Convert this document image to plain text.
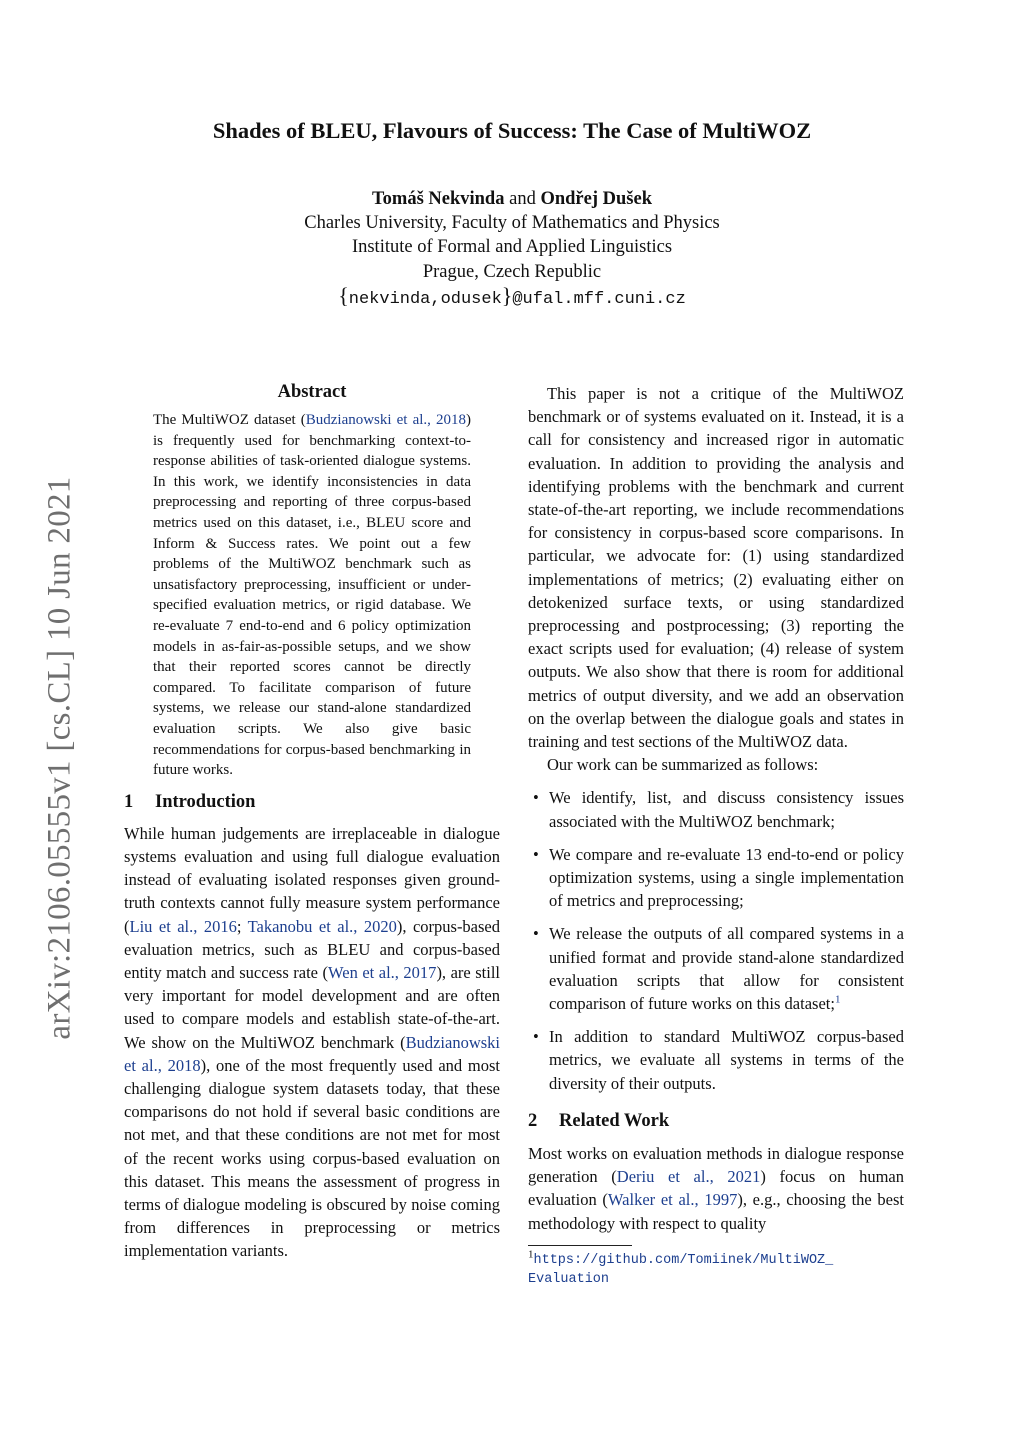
arXiv:2106.05555v1 [cs.CL] 10 Jun 2021
Shades of BLEU, Flavours of Success: The Case of MultiWOZ
Tomáš Nekvinda and Ondřej Dušek
Charles University, Faculty of Mathematics and Physics
Institute of Formal and Applied Linguistics
Prague, Czech Republic
{nekvinda,odusek}@ufal.mff.cuni.cz
Abstract

The MultiWOZ dataset (Budzianowski et al., 2018) is frequently used for benchmarking context-to-response abilities of task-oriented dialogue systems. In this work, we identify inconsistencies in data preprocessing and reporting of three corpus-based metrics used on this dataset, i.e., BLEU score and Inform & Success rates. We point out a few problems of the MultiWOZ benchmark such as unsatisfactory preprocessing, insufficient or under-specified evaluation metrics, or rigid database. We re-evaluate 7 end-to-end and 6 policy optimization models in as-fair-as-possible setups, and we show that their reported scores cannot be directly compared. To facilitate comparison of future systems, we release our stand-alone standardized evaluation scripts. We also give basic recommendations for corpus-based benchmarking in future works.

1 Introduction

While human judgements are irreplaceable in dialogue systems evaluation and using full dialogue evaluation instead of evaluating isolated responses given ground-truth contexts cannot fully measure system performance (Liu et al., 2016; Takanobu et al., 2020), corpus-based evaluation metrics, such as BLEU and corpus-based entity match and success rate (Wen et al., 2017), are still very important for model development and are often used to compare models and establish state-of-the-art. We show on the MultiWOZ benchmark (Budzianowski et al., 2018), one of the most frequently used and most challenging dialogue system datasets today, that these comparisons do not hold if several basic conditions are not met, and that these conditions are not met for most of the recent works using corpus-based evaluation on this dataset. This means the assessment of progress in terms of dialogue modeling is obscured by noise coming from differences in preprocessing or metrics implementation variants.

This paper is not a critique of the MultiWOZ benchmark or of systems evaluated on it. Instead, it is a call for consistency and increased rigor in automatic evaluation. In addition to providing the analysis and identifying problems with the benchmark and current state-of-the-art reporting, we include recommendations for consistency in corpus-based score comparisons. In particular, we advocate for: (1) using standardized implementations of metrics; (2) evaluating either on detokenized surface texts, or using standardized preprocessing and postprocessing; (3) reporting the exact scripts used for evaluation; (4) release of system outputs. We also show that there is room for additional metrics of output diversity, and we add an observation on the overlap between the dialogue goals and states in training and test sections of the MultiWOZ data.

Our work can be summarized as follows:

• We identify, list, and discuss consistency issues associated with the MultiWOZ benchmark;
• We compare and re-evaluate 13 end-to-end or policy optimization systems, using a single implementation of metrics and preprocessing;
• We release the outputs of all compared systems in a unified format and provide stand-alone standardized evaluation scripts that allow for consistent comparison of future works on this dataset;$^1$
• In addition to standard MultiWOZ corpus-based metrics, we evaluate all systems in terms of the diversity of their outputs.
2 Related Work

Most works on evaluation methods in dialogue response generation (Deriu et al., 2021) focus on human evaluation (Walker et al., 1997), e.g., choosing the best methodology with respect to quality

$^1$https://github.com/Tomiinek/MultiWOZ_ Evaluation
